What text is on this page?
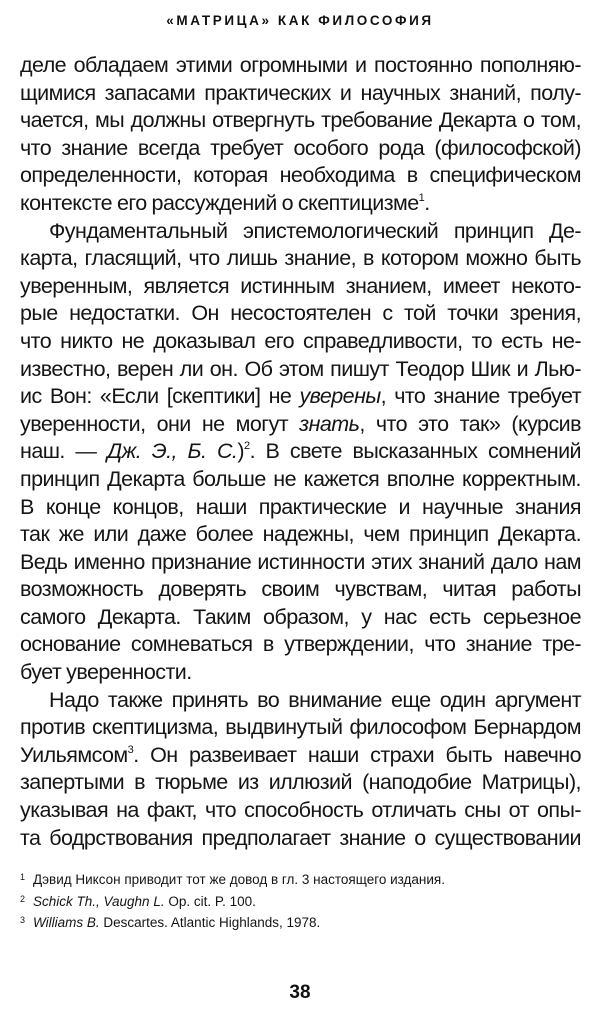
«МАТРИЦА» КАК ФИЛОСОФИЯ
деле обладаем этими огромными и постоянно пополняю-
щимися запасами практических и научных знаний, полу-
чается, мы должны отвергнуть требование Декарта о том,
что знание всегда требует особого рода (философской)
определенности, которая необходима в специфическом
контексте его рассуждений о скептицизме$^1$.
Фундаментальный эпистемологический принцип Де-
карта, гласящий, что лишь знание, в котором можно быть
уверенным, является истинным знанием, имеет некото-
рые недостатки. Он несостоятелен с той точки зрения,
что никто не доказывал его справедливости, то есть не-
известно, верен ли он. Об этом пишут Теодор Шик и Лью-
ис Вон: «Если [скептики] не уверены, что знание требует
уверенности, они не могут знать, что это так» (курсив
наш. — Дж. Э., Б. С.)$^2$. В свете высказанных сомнений
принцип Декарта больше не кажется вполне корректным.
В конце концов, наши практические и научные знания
так же или даже более надежны, чем принцип Декарта.
Ведь именно признание истинности этих знаний дало нам
возможность доверять своим чувствам, читая работы
самого Декарта. Таким образом, у нас есть серьезное
основание сомневаться в утверждении, что знание тре-
бует уверенности.
Надо также принять во внимание еще один аргумент
против скептицизма, выдвинутый философом Бернардом
Уильямсом$^3$. Он развеивает наши страхи быть навечно
запертыми в тюрьме из иллюзий (наподобие Матрицы),
указывая на факт, что способность отличать сны от опы-
та бодрствования предполагает знание о существовании
1 Дэвид Никсон приводит тот же довод в гл. 3 настоящего издания.
2 Schick Th., Vaughn L. Op. cit. P. 100.
3 Williams B. Descartes. Atlantic Highlands, 1978.
38
